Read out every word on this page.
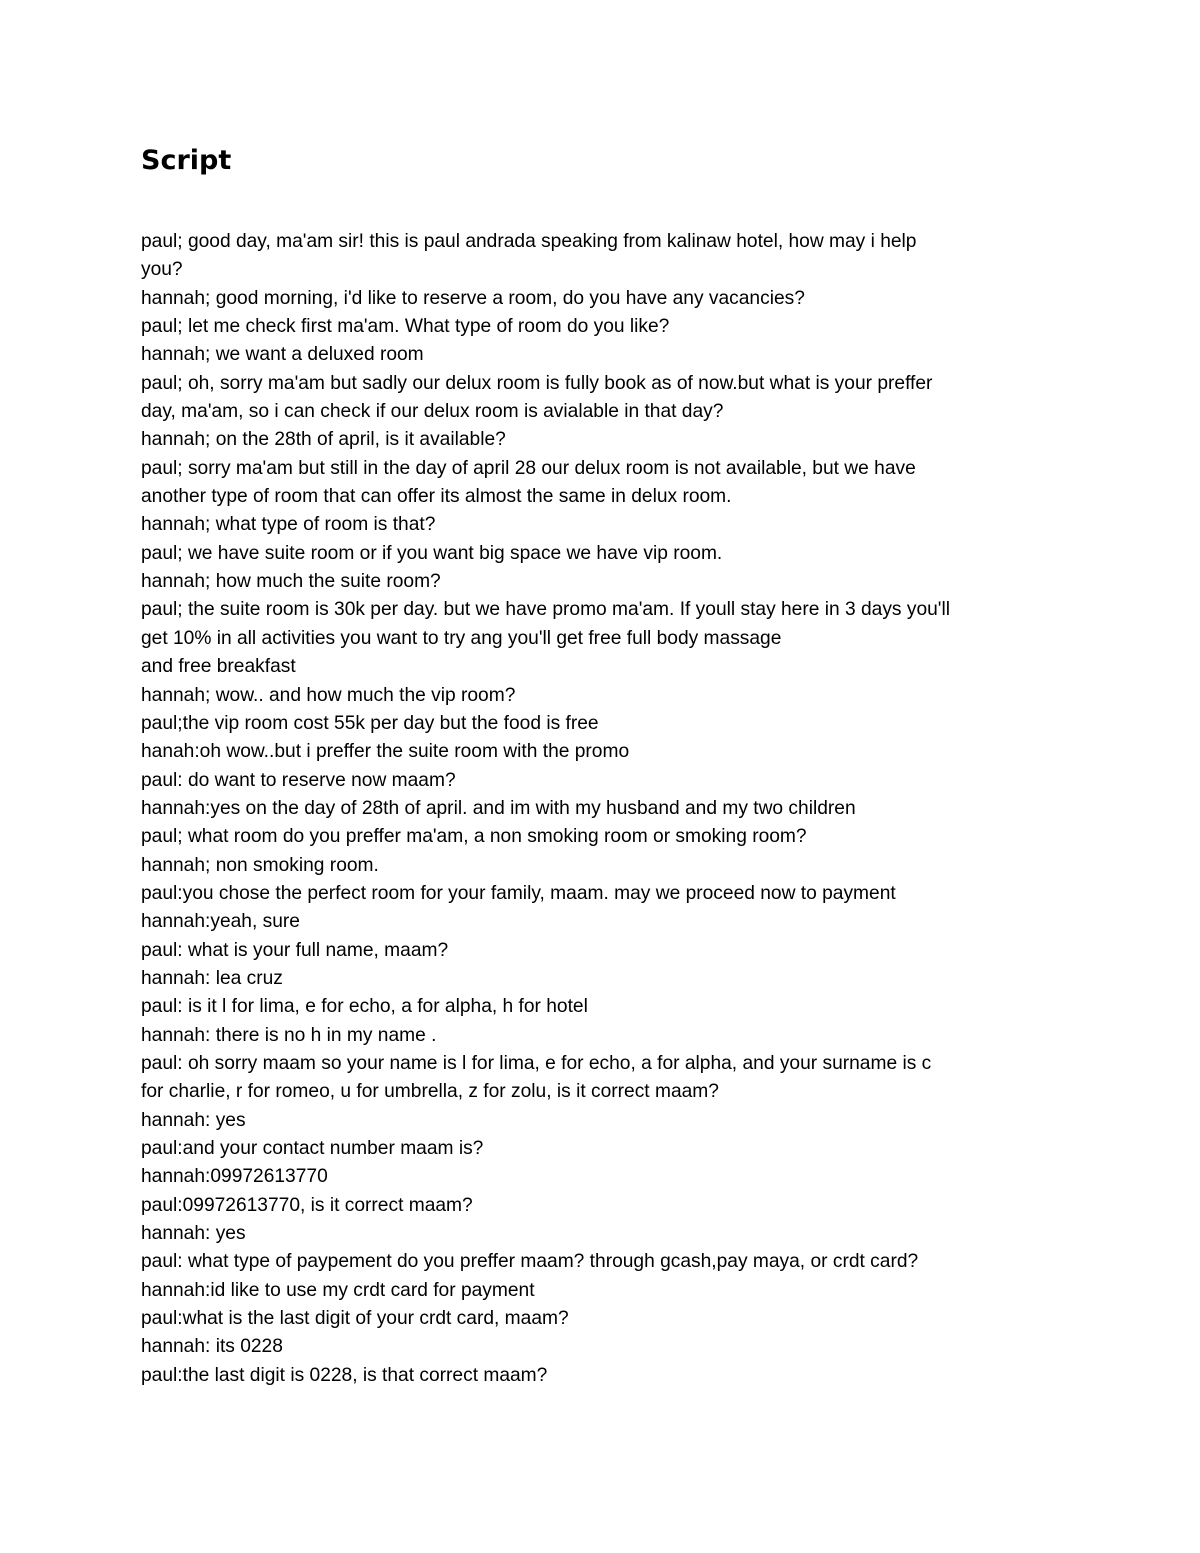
Script
paul; good day, ma'am sir! this is paul andrada speaking from kalinaw hotel, how may i help
you?
hannah; good morning, i'd like to reserve a room, do you have any vacancies?
paul; let me check first ma'am. What type of room do you like?
hannah; we want a deluxed room
paul; oh, sorry ma'am but sadly our delux room is fully book as of now.but what is your preffer
day, ma'am, so i can check if our delux room is avialable in that day?
hannah; on the 28th of april, is it available?
paul; sorry ma'am but still in the day of april 28 our delux room is not available, but we have
another type of room that can offer its almost the same in delux room.
hannah; what type of room is that?
paul; we have suite room or if you want big space we have vip room.
hannah; how much the suite room?
paul; the suite room is 30k per day. but we have promo ma'am. If youll stay here in 3 days you'll
get 10% in all activities you want to try ang you'll get free full body massage
and free breakfast
hannah; wow.. and how much the vip room?
paul;the vip room cost 55k per day but the food is free
hanah:oh wow..but i preffer the suite room with the promo
paul: do want to reserve now maam?
hannah:yes on the day of 28th of april. and im with my husband and my two children
paul; what room do you preffer ma'am, a non smoking room or smoking room?
hannah; non smoking room.
paul:you chose the perfect room for your family, maam. may we proceed now to payment
hannah:yeah, sure
paul: what is your full name, maam?
hannah: lea cruz
paul: is it l for lima, e for echo, a for alpha, h for hotel
hannah: there is no h in my name .
paul: oh sorry maam so your name is l for lima, e for echo, a for alpha, and your surname is c
for charlie, r for romeo, u for umbrella, z for zolu, is it correct maam?
hannah: yes
paul:and your contact number maam is?
hannah:09972613770
paul:09972613770, is it correct maam?
hannah: yes
paul: what type of paypement do you preffer maam? through gcash,pay maya, or crdt card?
hannah:id like to use my crdt card for payment
paul:what is the last digit of your crdt card, maam?
hannah: its 0228
paul:the last digit is 0228, is that correct maam?
